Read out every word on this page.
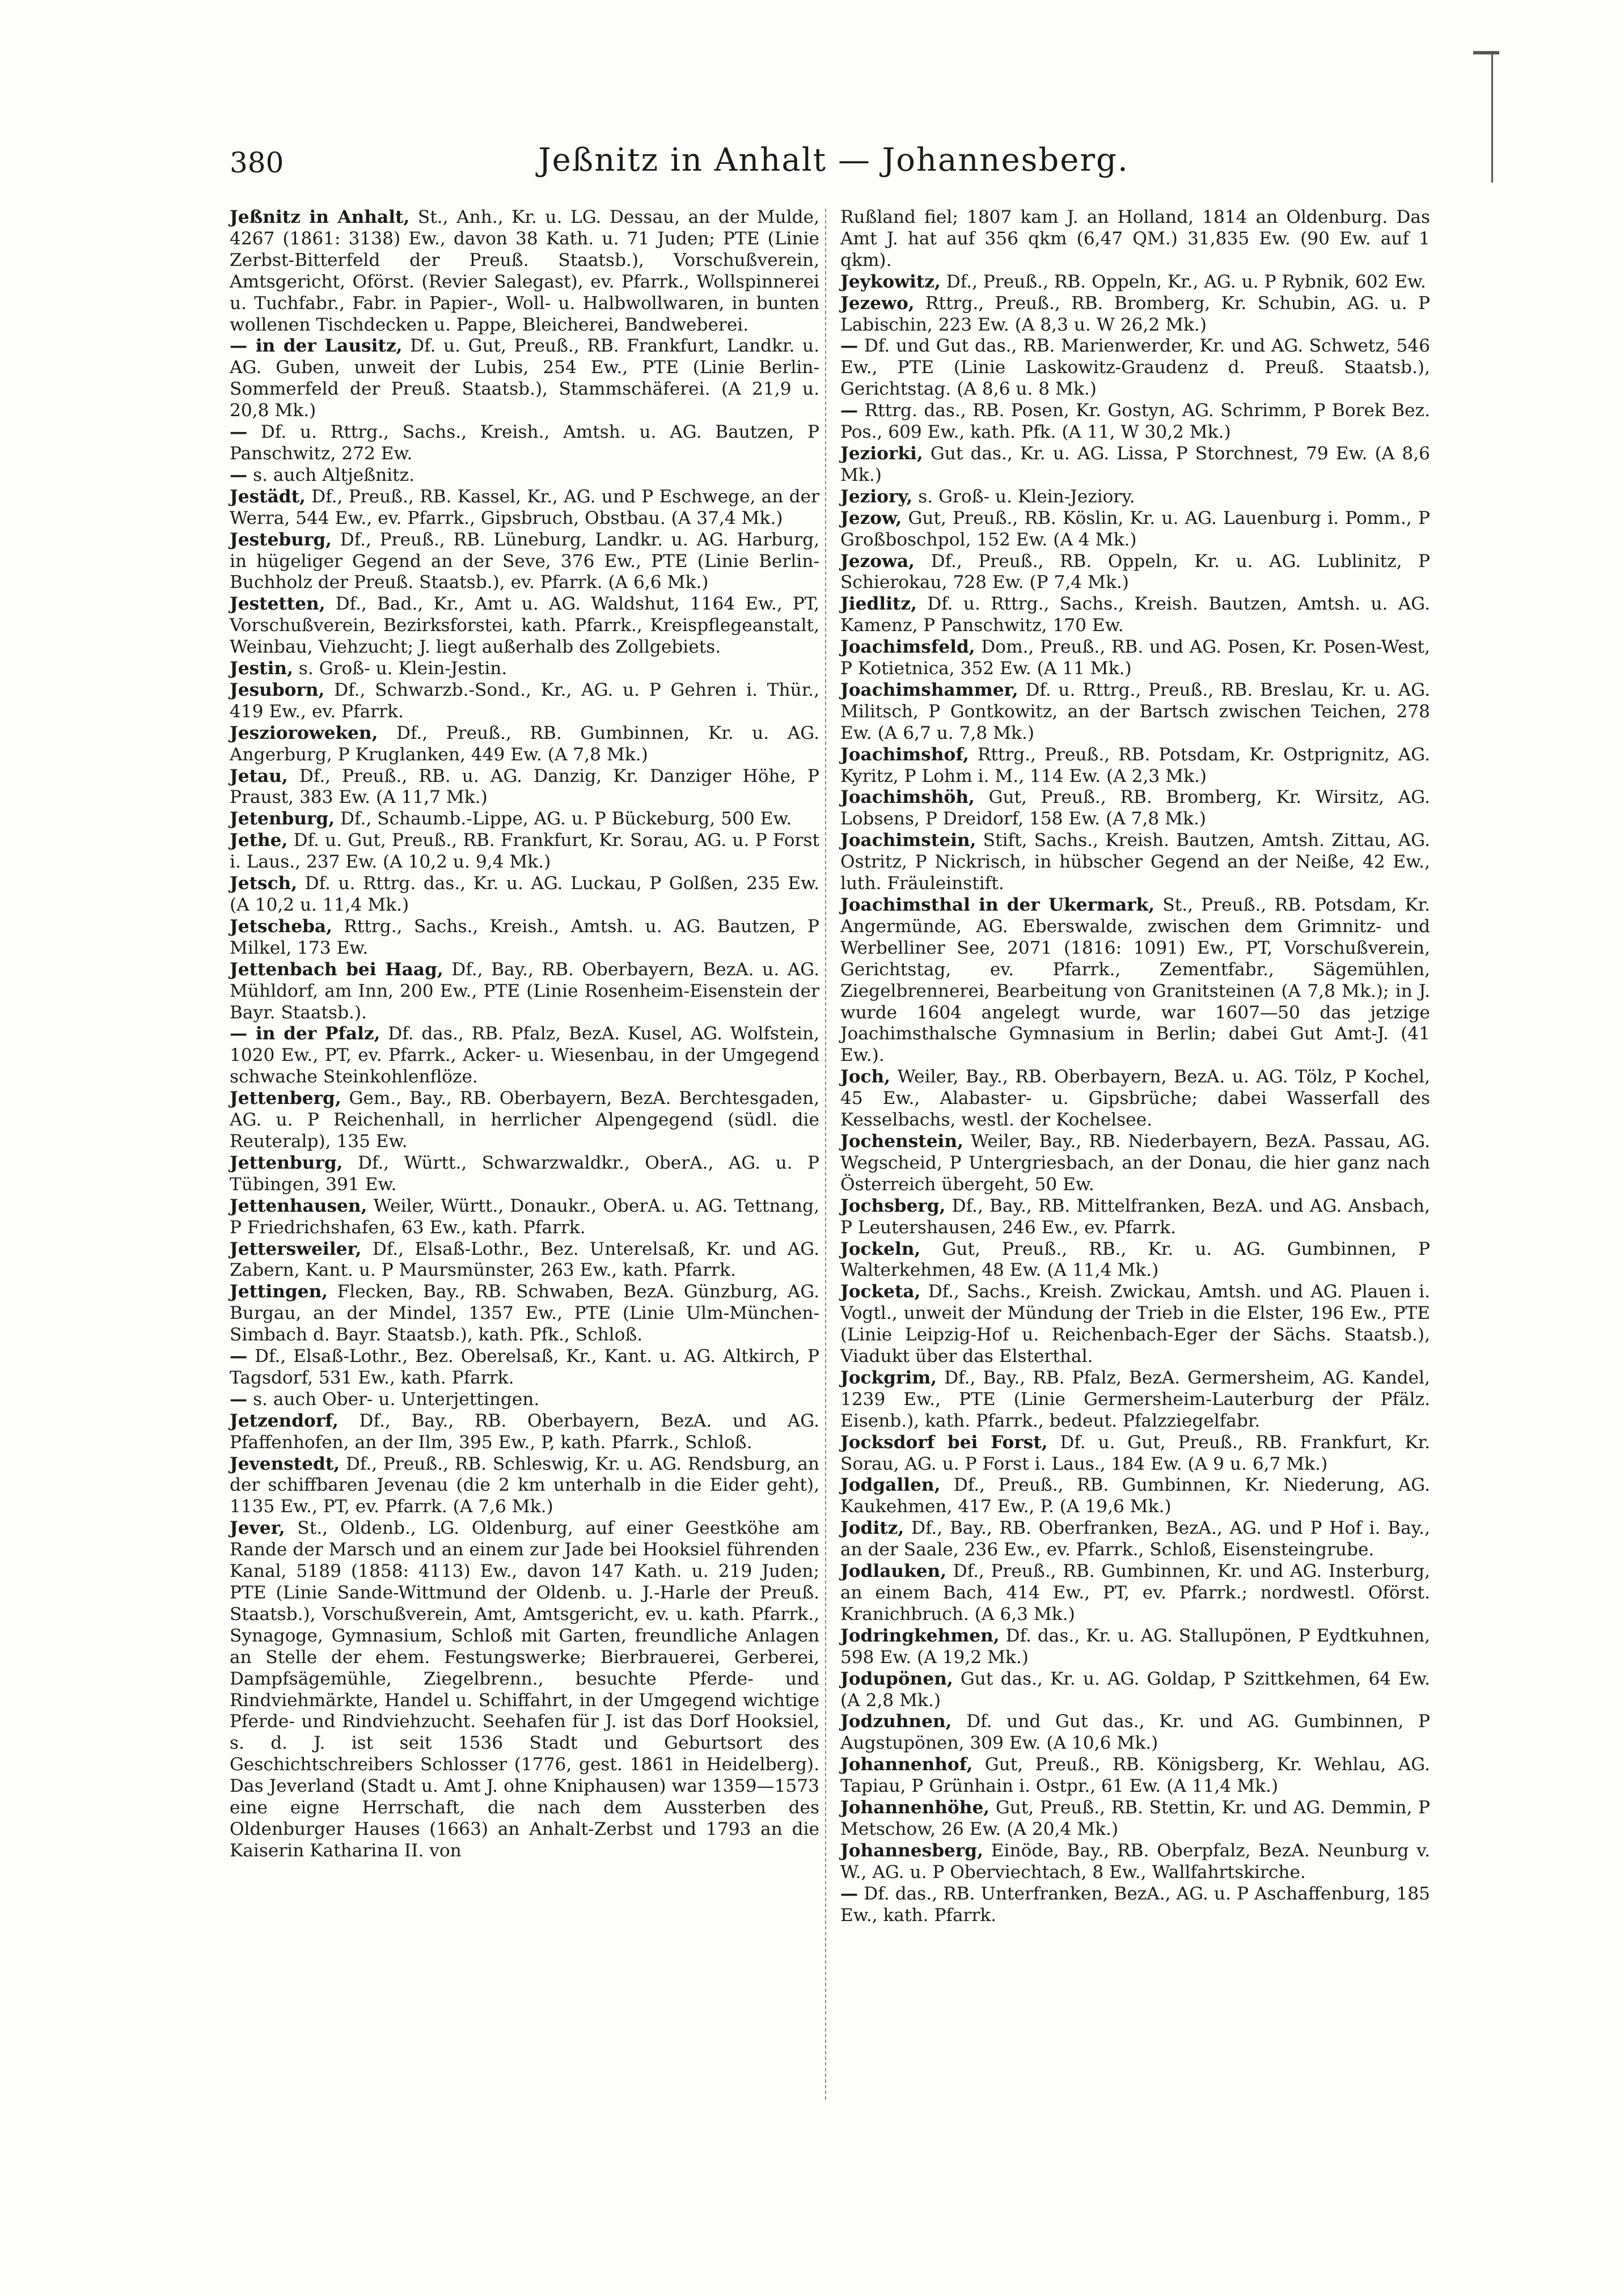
380	Jeßnitz in Anhalt — Johannesberg.

Jeßnitz in Anhalt, St., Anh., Kr. u. LG. Dessau, an der Mulde, 4267 (1861: 3138) Ew., davon 38 Kath. u. 71 Juden; PTE (Linie Zerbst-Bitterfeld der Preuß. Staatsb.), Vorschußverein, Amtsgericht, Oförst. (Revier Salegast), ev. Pfarrk., Wollspinnerei u. Tuchfabr., Fabr. in Papier-, Woll- u. Halbwollwaren, in bunten wollenen Tischdecken u. Pappe, Bleicherei, Bandweberei.

— in der Lausitz, Df. u. Gut, Preuß., RB. Frankfurt, Landkr. u. AG. Guben, unweit der Lubis, 254 Ew., PTE (Linie Berlin-Sommerfeld der Preuß. Staatsb.), Stammschäferei. (A 21,9 u. 20,8 Mk.)

— Df. u. Rttrg., Sachs., Kreish., Amtsh. u. AG. Bautzen, P Panschwitz, 272 Ew.

— s. auch Altjeßnitz.

Jestädt, Df., Preuß., RB. Kassel, Kr., AG. und P Eschwege, an der Werra, 544 Ew., ev. Pfarrk., Gipsbruch, Obstbau. (A 37,4 Mk.)

Jesteburg, Df., Preuß., RB. Lüneburg, Landkr. u. AG. Harburg, in hügeliger Gegend an der Seve, 376 Ew., PTE (Linie Berlin-Buchholz der Preuß. Staatsb.), ev. Pfarrk. (A 6,6 Mk.)

Jestetten, Df., Bad., Kr., Amt u. AG. Waldshut, 1164 Ew., PT, Vorschußverein, Bezirksforstei, kath. Pfarrk., Kreispflegeanstalt, Weinbau, Viehzucht; J. liegt außerhalb des Zollgebiets.

Jestin, s. Groß- u. Klein-Jestin.

Jesuborn, Df., Schwarzb.-Sond., Kr., AG. u. P Gehren i. Thür., 419 Ew., ev. Pfarrk.

Jeszioroweken, Df., Preuß., RB. Gumbinnen, Kr. u. AG. Angerburg, P Kruglanken, 449 Ew. (A 7,8 Mk.)

Jetau, Df., Preuß., RB. u. AG. Danzig, Kr. Danziger Höhe, P Praust, 383 Ew. (A 11,7 Mk.)

Jetenburg, Df., Schaumb.-Lippe, AG. u. P Bückeburg, 500 Ew.

Jethe, Df. u. Gut, Preuß., RB. Frankfurt, Kr. Sorau, AG. u. P Forst i. Laus., 237 Ew. (A 10,2 u. 9,4 Mk.)

Jetsch, Df. u. Rttrg. das., Kr. u. AG. Luckau, P Golßen, 235 Ew. (A 10,2 u. 11,4 Mk.)

Jetscheba, Rttrg., Sachs., Kreish., Amtsh. u. AG. Bautzen, P Milkel, 173 Ew.

Jettenbach bei Haag, Df., Bay., RB. Oberbayern, BezA. u. AG. Mühldorf, am Inn, 200 Ew., PTE (Linie Rosenheim-Eisenstein der Bayr. Staatsb.).

— in der Pfalz, Df. das., RB. Pfalz, BezA. Kusel, AG. Wolfstein, 1020 Ew., PT, ev. Pfarrk., Acker- u. Wiesenbau, in der Umgegend schwache Steinkohlenflöze.

Jettenberg, Gem., Bay., RB. Oberbayern, BezA. Berchtesgaden, AG. u. P Reichenhall, in herrlicher Alpengegend (südl. die Reuteralp), 135 Ew.

Jettenburg, Df., Württ., Schwarzwaldkr., OberA., AG. u. P Tübingen, 391 Ew.

Jettenhausen, Weiler, Württ., Donaukr., OberA. u. AG. Tettnang, P Friedrichshafen, 63 Ew., kath. Pfarrk.

Jettersweiler, Df., Elsaß-Lothr., Bez. Unterelsaß, Kr. und AG. Zabern, Kant. u. P Maursmünster, 263 Ew., kath. Pfarrk.

Jettingen, Flecken, Bay., RB. Schwaben, BezA. Günzburg, AG. Burgau, an der Mindel, 1357 Ew., PTE (Linie Ulm-München-Simbach d. Bayr. Staatsb.), kath. Pfk., Schloß.

— Df., Elsaß-Lothr., Bez. Oberelsaß, Kr., Kant. u. AG. Altkirch, P Tagsdorf, 531 Ew., kath. Pfarrk.

— s. auch Ober- u. Unterjettingen.

Jetzendorf, Df., Bay., RB. Oberbayern, BezA. und AG. Pfaffenhofen, an der Ilm, 395 Ew., P, kath. Pfarrk., Schloß.

Jevenstedt, Df., Preuß., RB. Schleswig, Kr. u. AG. Rendsburg, an der schiffbaren Jevenau (die 2 km unterhalb in die Eider geht), 1135 Ew., PT, ev. Pfarrk. (A 7,6 Mk.)

Jever, St., Oldenb., LG. Oldenburg, auf einer Geestköhe am Rande der Marsch und an einem zur Jade bei Hooksiel führenden Kanal, 5189 (1858: 4113) Ew., davon 147 Kath. u. 219 Juden; PTE (Linie Sande-Wittmund der Oldenb. u. J.-Harle der Preuß. Staatsb.), Vorschußverein, Amt, Amtsgericht, ev. u. kath. Pfarrk., Synagoge, Gymnasium, Schloß mit Garten, freundliche Anlagen an Stelle der ehem. Festungswerke; Bierbrauerei, Gerberei, Dampfsägemühle, Ziegelbrenn., besuchte Pferde- und Rindviehmärkte, Handel u. Schiffahrt, in der Umgegend wichtige Pferde- und Rindviehzucht. Seehafen für J. ist das Dorf Hooksiel, s. d. J. ist seit 1536 Stadt und Geburtsort des Geschichtschreibers Schlosser (1776, gest. 1861 in Heidelberg). Das Jeverland (Stadt u. Amt J. ohne Kniphausen) war 1359—1573 eine eigne Herrschaft, die nach dem Aussterben des Oldenburger Hauses (1663) an Anhalt-Zerbst und 1793 an die Kaiserin Katharina II. von

Rußland fiel; 1807 kam J. an Holland, 1814 an Oldenburg. Das Amt J. hat auf 356 qkm (6,47 QM.) 31,835 Ew. (90 Ew. auf 1 qkm).

Jeykowitz, Df., Preuß., RB. Oppeln, Kr., AG. u. P Rybnik, 602 Ew.

Jezewo, Rttrg., Preuß., RB. Bromberg, Kr. Schubin, AG. u. P Labischin, 223 Ew. (A 8,3 u. W 26,2 Mk.)

— Df. und Gut das., RB. Marienwerder, Kr. und AG. Schwetz, 546 Ew., PTE (Linie Laskowitz-Graudenz d. Preuß. Staatsb.), Gerichtstag. (A 8,6 u. 8 Mk.)

— Rttrg. das., RB. Posen, Kr. Gostyn, AG. Schrimm, P Borek Bez. Pos., 609 Ew., kath. Pfk. (A 11, W 30,2 Mk.)

Jeziorki, Gut das., Kr. u. AG. Lissa, P Storchnest, 79 Ew. (A 8,6 Mk.)

Jeziory, s. Groß- u. Klein-Jeziory.

Jezow, Gut, Preuß., RB. Köslin, Kr. u. AG. Lauenburg i. Pomm., P Großboschpol, 152 Ew. (A 4 Mk.)

Jezowa, Df., Preuß., RB. Oppeln, Kr. u. AG. Lublinitz, P Schierokau, 728 Ew. (P 7,4 Mk.)

Jiedlitz, Df. u. Rttrg., Sachs., Kreish. Bautzen, Amtsh. u. AG. Kamenz, P Panschwitz, 170 Ew.

Joachimsfeld, Dom., Preuß., RB. und AG. Posen, Kr. Posen-West, P Kotietnica, 352 Ew. (A 11 Mk.)

Joachimshammer, Df. u. Rttrg., Preuß., RB. Breslau, Kr. u. AG. Militsch, P Gontkowitz, an der Bartsch zwischen Teichen, 278 Ew. (A 6,7 u. 7,8 Mk.)

Joachimshof, Rttrg., Preuß., RB. Potsdam, Kr. Ostprignitz, AG. Kyritz, P Lohm i. M., 114 Ew. (A 2,3 Mk.)

Joachimshöh, Gut, Preuß., RB. Bromberg, Kr. Wirsitz, AG. Lobsens, P Dreidorf, 158 Ew. (A 7,8 Mk.)

Joachimstein, Stift, Sachs., Kreish. Bautzen, Amtsh. Zittau, AG. Ostritz, P Nickrisch, in hübscher Gegend an der Neiße, 42 Ew., luth. Fräuleinstift.

Joachimsthal in der Ukermark, St., Preuß., RB. Potsdam, Kr. Angermünde, AG. Eberswalde, zwischen dem Grimnitz- und Werbelliner See, 2071 (1816: 1091) Ew., PT, Vorschußverein, Gerichtstag, ev. Pfarrk., Zementfabr., Sägemühlen, Ziegelbrennerei, Bearbeitung von Granitsteinen (A 7,8 Mk.); in J. wurde 1604 angelegt wurde, war 1607—50 das jetzige Joachimsthalsche Gymnasium in Berlin; dabei Gut Amt-J. (41 Ew.).

Joch, Weiler, Bay., RB. Oberbayern, BezA. u. AG. Tölz, P Kochel, 45 Ew., Alabaster- u. Gipsbrüche; dabei Wasserfall des Kesselbachs, westl. der Kochelsee.

Jochenstein, Weiler, Bay., RB. Niederbayern, BezA. Passau, AG. Wegscheid, P Untergriesbach, an der Donau, die hier ganz nach Österreich übergeht, 50 Ew.

Jochsberg, Df., Bay., RB. Mittelfranken, BezA. und AG. Ansbach, P Leutershausen, 246 Ew., ev. Pfarrk.

Jockeln, Gut, Preuß., RB., Kr. u. AG. Gumbinnen, P Walterkehmen, 48 Ew. (A 11,4 Mk.)

Jocketa, Df., Sachs., Kreish. Zwickau, Amtsh. und AG. Plauen i. Vogtl., unweit der Mündung der Trieb in die Elster, 196 Ew., PTE (Linie Leipzig-Hof u. Reichenbach-Eger der Sächs. Staatsb.), Viadukt über das Elsterthal.

Jockgrim, Df., Bay., RB. Pfalz, BezA. Germersheim, AG. Kandel, 1239 Ew., PTE (Linie Germersheim-Lauterburg der Pfälz. Eisenb.), kath. Pfarrk., bedeut. Pfalzziegelfabr.

Jocksdorf bei Forst, Df. u. Gut, Preuß., RB. Frankfurt, Kr. Sorau, AG. u. P Forst i. Laus., 184 Ew. (A 9 u. 6,7 Mk.)

Jodgallen, Df., Preuß., RB. Gumbinnen, Kr. Niederung, AG. Kaukehmen, 417 Ew., P. (A 19,6 Mk.)

Joditz, Df., Bay., RB. Oberfranken, BezA., AG. und P Hof i. Bay., an der Saale, 236 Ew., ev. Pfarrk., Schloß, Eisensteingrube.

Jodlauken, Df., Preuß., RB. Gumbinnen, Kr. und AG. Insterburg, an einem Bach, 414 Ew., PT, ev. Pfarrk.; nordwestl. Oförst. Kranichbruch. (A 6,3 Mk.)

Jodringkehmen, Df. das., Kr. u. AG. Stallupönen, P Eydtkuhnen, 598 Ew. (A 19,2 Mk.)

Jodupönen, Gut das., Kr. u. AG. Goldap, P Szittkehmen, 64 Ew. (A 2,8 Mk.)

Jodzuhnen, Df. und Gut das., Kr. und AG. Gumbinnen, P Augstupönen, 309 Ew. (A 10,6 Mk.)

Johannenhof, Gut, Preuß., RB. Königsberg, Kr. Wehlau, AG. Tapiau, P Grünhain i. Ostpr., 61 Ew. (A 11,4 Mk.)

Johannenhöhe, Gut, Preuß., RB. Stettin, Kr. und AG. Demmin, P Metschow, 26 Ew. (A 20,4 Mk.)

Johannesberg, Einöde, Bay., RB. Oberpfalz, BezA. Neunburg v. W., AG. u. P Oberviechtach, 8 Ew., Wallfahrtskirche.

— Df. das., RB. Unterfranken, BezA., AG. u. P Aschaffenburg, 185 Ew., kath. Pfarrk.
